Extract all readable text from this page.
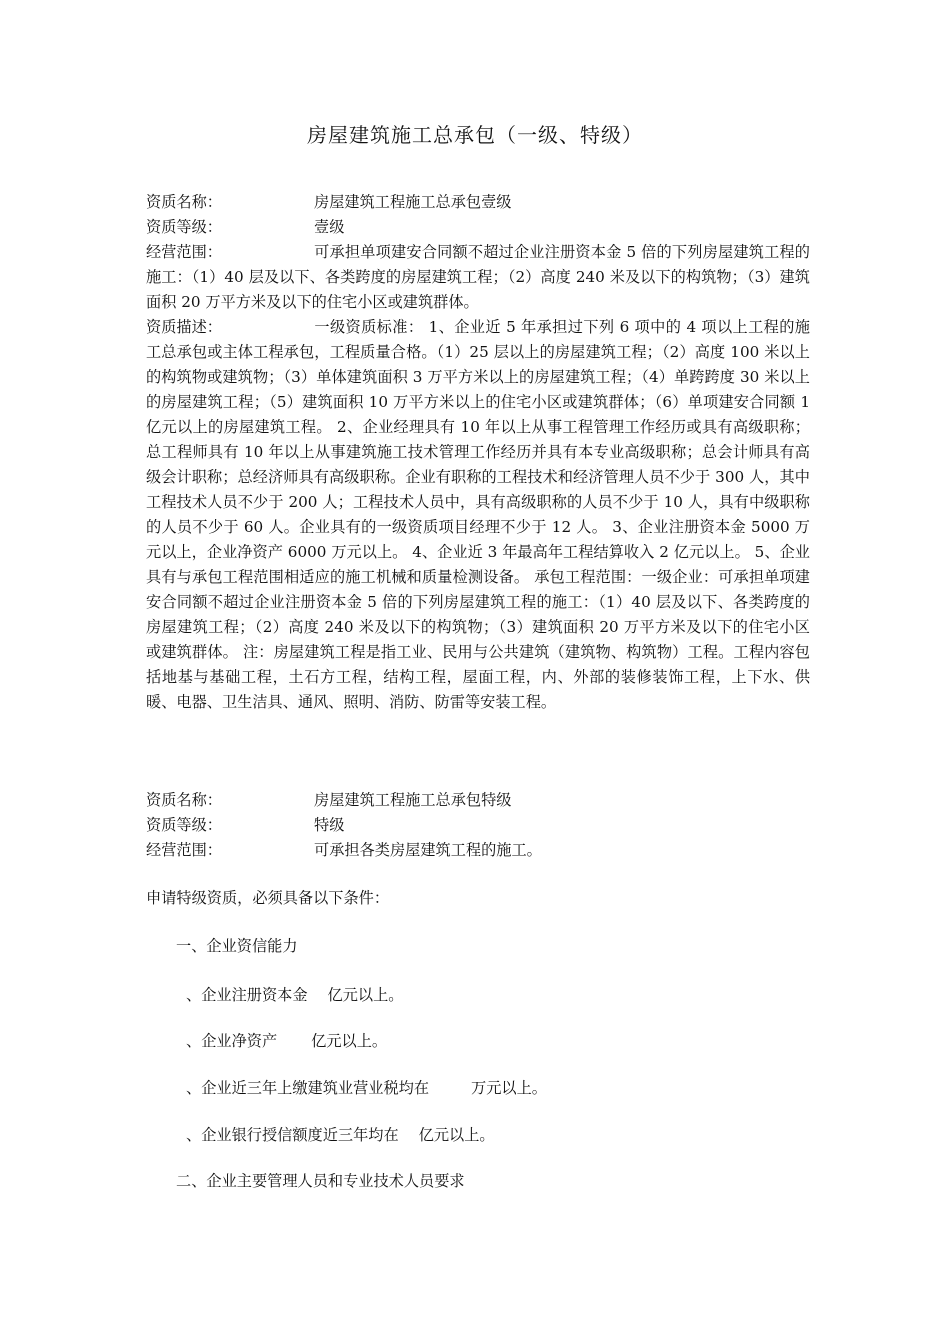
房屋建筑施工总承包（一级、特级）
资质名称：	房屋建筑工程施工总承包壹级
资质等级：	壹级
经营范围：	可承担单项建安合同额不超过企业注册资本金 5 倍的下列房屋建筑工程的施工：（1）40 层及以下、各类跨度的房屋建筑工程；（2）高度 240 米及以下的构筑物；（3）建筑面积 20 万平方米及以下的住宅小区或建筑群体。
资质描述：	一级资质标准： 1、企业近 5 年承担过下列 6 项中的 4 项以上工程的施工总承包或主体工程承包，工程质量合格。（1）25 层以上的房屋建筑工程；（2）高度 100 米以上的构筑物或建筑物；（3）单体建筑面积 3 万平方米以上的房屋建筑工程；（4）单跨跨度 30 米以上的房屋建筑工程；（5）建筑面积 10 万平方米以上的住宅小区或建筑群体；（6）单项建安合同额 1 亿元以上的房屋建筑工程。 2、企业经理具有 10 年以上从事工程管理工作经历或具有高级职称；总工程师具有 10 年以上从事建筑施工技术管理工作经历并具有本专业高级职称；总会计师具有高级会计职称；总经济师具有高级职称。企业有职称的工程技术和经济管理人员不少于 300 人，其中工程技术人员不少于 200 人；工程技术人员中，具有高级职称的人员不少于 10 人，具有中级职称的人员不少于 60 人。企业具有的一级资质项目经理不少于 12 人。 3、企业注册资本金 5000 万元以上，企业净资产 6000 万元以上。 4、企业近 3 年最高年工程结算收入 2 亿元以上。 5、企业具有与承包工程范围相适应的施工机械和质量检测设备。 承包工程范围：一级企业：可承担单项建安合同额不超过企业注册资本金 5 倍的下列房屋建筑工程的施工：（1）40 层及以下、各类跨度的房屋建筑工程；（2）高度 240 米及以下的构筑物；（3）建筑面积 20 万平方米及以下的住宅小区或建筑群体。 注：房屋建筑工程是指工业、民用与公共建筑（建筑物、构筑物）工程。工程内容包括地基与基础工程，土石方工程，结构工程，屋面工程，内、外部的装修装饰工程，上下水、供暖、电器、卫生洁具、通风、照明、消防、防雷等安装工程。
资质名称：	房屋建筑工程施工总承包特级
资质等级：	特级
经营范围：	可承担各类房屋建筑工程的施工。
申请特级资质，必须具备以下条件：
一、企业资信能力
、企业注册资本金 亿元以上。
、企业净资产 亿元以上。
、企业近三年上缴建筑业营业税均在	万元以上。
、企业银行授信额度近三年均在 亿元以上。
二、企业主要管理人员和专业技术人员要求
